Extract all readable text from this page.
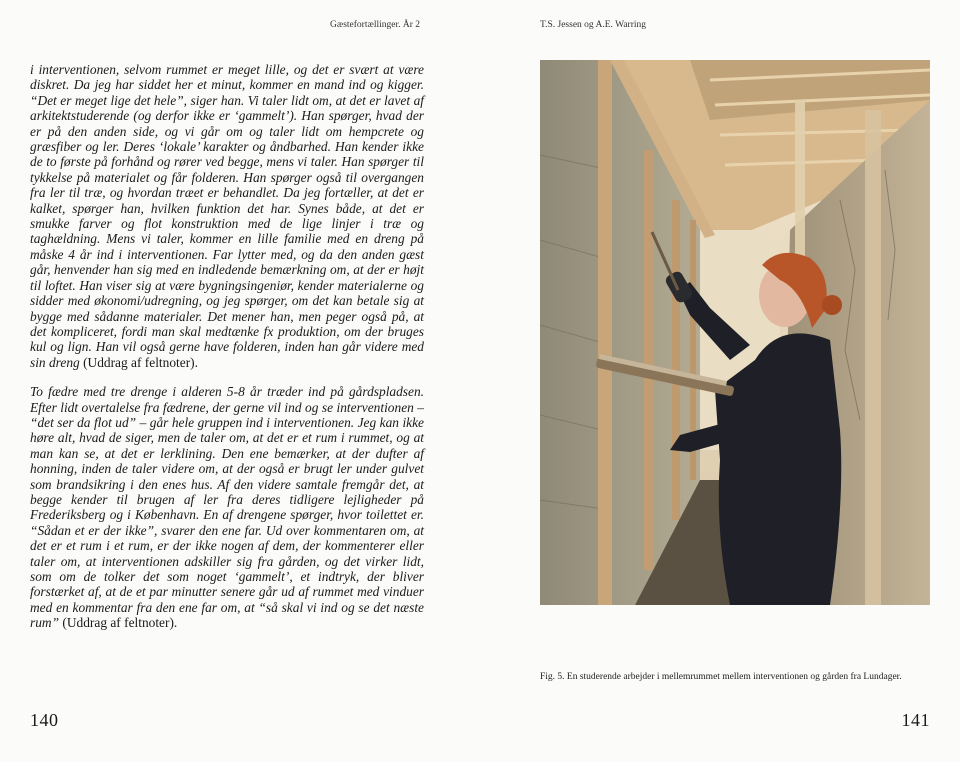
Gæstefortællinger. År 2

i interventionen, selvom rummet er meget lille, og det er svært at være diskret. Da jeg har siddet her et minut, kommer en mand ind og kigger. “Det er meget lige det hele”, siger han. Vi taler lidt om, at det er lavet af arkitektstuderende (og derfor ikke er ‘gammelt’). Han spørger, hvad der er på den anden side, og vi går om og taler lidt om hempcrete og græsfiber og ler. Deres ‘lokale’ karakter og åndbarhed. Han kender ikke de to første på forhånd og rører ved begge, mens vi taler. Han spørger til tykkelse på materialet og får folderen. Han spørger også til overgangen fra ler til træ, og hvordan træet er behandlet. Da jeg fortæller, at det er kalket, spørger han, hvilken funktion det har. Synes både, at det er smukke farver og flot konstruktion med de lige linjer i træ og taghældning. Mens vi taler, kommer en lille familie med en dreng på måske 4 år ind i interventionen. Far lytter med, og da den anden gæst går, henvender han sig med en indledende bemærkning om, at der er højt til loftet. Han viser sig at være bygningsingeniør, kender materialerne og sidder med økonomi/udregning, og jeg spørger, om det kan betale sig at bygge med sådanne materialer. Det mener han, men peger også på, at det kompliceret, fordi man skal medtænke fx produktion, om der bruges kul og lign. Han vil også gerne have folderen, inden han går videre med sin dreng (Uddrag af feltnoter).

To fædre med tre drenge i alderen 5-8 år træder ind på gårdspladsen. Efter lidt overtalelse fra fædrene, der gerne vil ind og se interventionen – “det ser da flot ud” – går hele gruppen ind i interventionen. Jeg kan ikke høre alt, hvad de siger, men de taler om, at det er et rum i rummet, og at man kan se, at det er lerklining. Den ene bemærker, at der dufter af honning, inden de taler videre om, at der også er brugt ler under gulvet som brandsikring i den enes hus. Af den videre samtale fremgår det, at begge kender til brugen af ler fra deres tidligere lejligheder på Frederiksberg og i København. En af drengene spørger, hvor toilettet er. “Sådan et er der ikke”, svarer den ene far. Ud over kommentaren om, at det er et rum i et rum, er der ikke nogen af dem, der kommenterer eller taler om, at interventionen adskiller sig fra gården, og det virker lidt, som om de tolker det som noget ‘gammelt’, et indtryk, der bliver forstærket af, at de et par minutter senere går ud af rummet med vinduer med en kommentar fra den ene far om, at “så skal vi ind og se det næste rum” (Uddrag af feltnoter).

140
T.S. Jessen og A.E. Warring
Fig. 5. En studerende arbejder i mellemrummet mellem interventionen og gården fra Lundager.
141
